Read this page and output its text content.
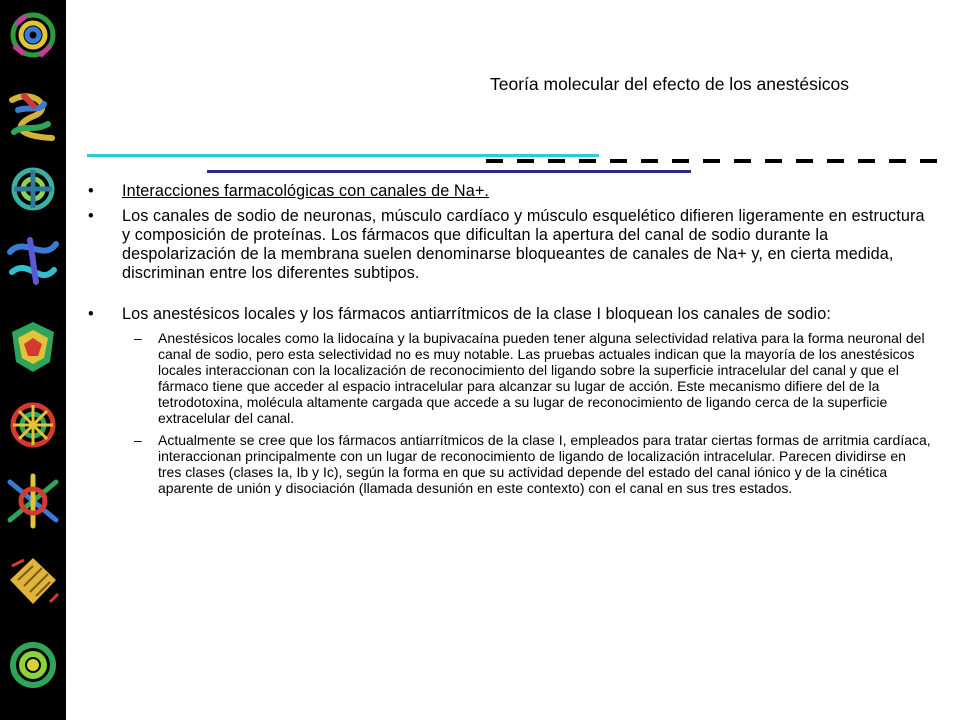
Teoría molecular del efecto de los anestésicos
• Interacciones farmacológicas con canales de Na+.
• Los canales de sodio de neuronas, músculo cardíaco y músculo esquelético difieren ligeramente en estructura y composición de proteínas. Los fármacos que dificultan la apertura del canal de sodio durante la despolarización de la membrana suelen denominarse bloqueantes de canales de Na+ y, en cierta medida, discriminan entre los diferentes subtipos.
• Los anestésicos locales y los fármacos antiarrítmicos de la clase I bloquean los canales de sodio:
– Anestésicos locales como la lidocaína y la bupivacaína pueden tener alguna selectividad relativa para la forma neuronal del canal de sodio, pero esta selectividad no es muy notable. Las pruebas actuales indican que la mayoría de los anestésicos locales interaccionan con la localización de reconocimiento del ligando sobre la superficie intracelular del canal y que el fármaco tiene que acceder al espacio intracelular para alcanzar su lugar de acción. Este mecanismo difiere del de la tetrodotoxina, molécula altamente cargada que accede a su lugar de reconocimiento de ligando cerca de la superficie extracelular del canal.
– Actualmente se cree que los fármacos antiarrítmicos de la clase I, empleados para tratar ciertas formas de arritmia cardíaca, interaccionan principalmente con un lugar de reconocimiento de ligando de localización intracelular. Parecen dividirse en tres clases (clases Ia, Ib y Ic), según la forma en que su actividad depende del estado del canal iónico y de la cinética aparente de unión y disociación (llamada desunión en este contexto) con el canal en sus tres estados.
